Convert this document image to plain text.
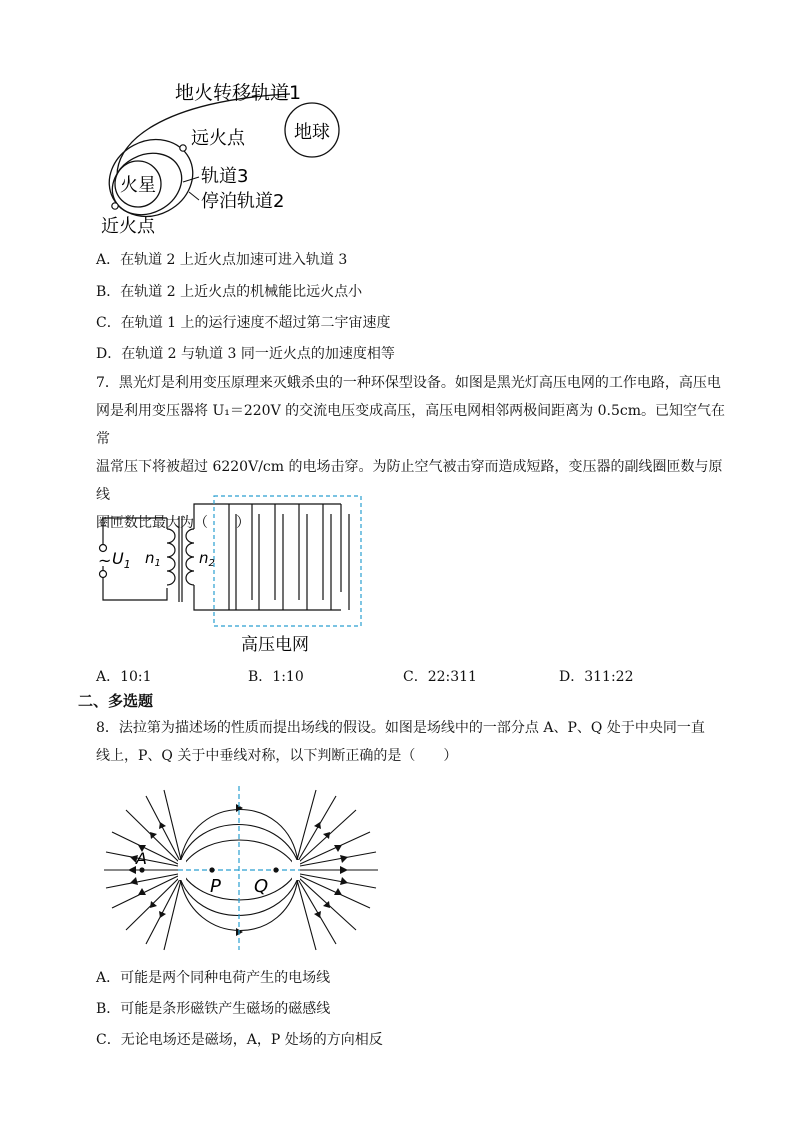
地火转移轨道1
地球
远火点
火星	轨道3
停泊轨道2
近火点
A．在轨道 2 上近火点加速可进入轨道 3
B．在轨道 2 上近火点的机械能比远火点小
C．在轨道 1 上的运行速度不超过第二宇宙速度
D．在轨道 2 与轨道 3 同一近火点的加速度相等
7．黑光灯是利用变压原理来灭蛾杀虫的一种环保型设备。如图是黑光灯高压电网的工作电路，高压电
网是利用变压器将 U₁＝220V 的交流电压变成高压，高压电网相邻两极间距离为 0.5cm。已知空气在常
温常压下将被超过 6220V/cm 的电场击穿。为防止空气被击穿而造成短路，变压器的副线圈匝数与原线
圈匝数比最大为（　　）
~ $U_1$ $n_1$	$n_2$
高压电网
A．10:1	B．1:10	C．22:311	D．311:22
二、多选题
8．法拉第为描述场的性质而提出场线的假设。如图是场线中的一部分点 A、P、Q 处于中央同一直
线上，P、Q 关于中垂线对称，以下判断正确的是（　　）
A
P Q
A．可能是两个同种电荷产生的电场线
B．可能是条形磁铁产生磁场的磁感线
C．无论电场还是磁场，A，P 处场的方向相反
